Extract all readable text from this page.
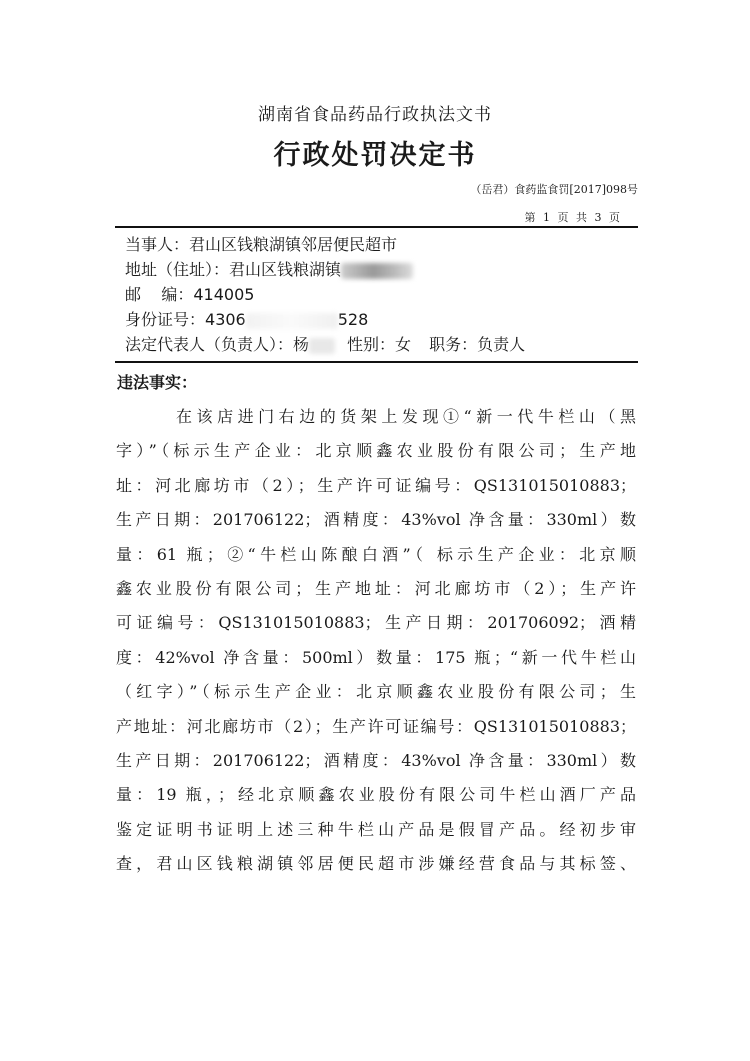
湖南省食品药品行政执法文书
行政处罚决定书
（岳君）食药监食罚[2017]098号
第 1 页 共 3 页
当事人：君山区钱粮湖镇邻居便民超市
地址（住址）：君山区钱粮湖镇
邮    编：414005
身份证号：4306	528
法定代表人（负责人）：杨 性别：女 职务：负责人
违法事实：
在该店进门右边的货架上发现①“新一代牛栏山（黑
字）”（标示生产企业：北京顺鑫农业股份有限公司；生产地
址：河北廊坊市（2）；生产许可证编号：QS131015010883；
生产日期：201706122；酒精度：43%vol 净含量：330ml）数
量：61 瓶；②“牛栏山陈酿白酒”（ 标示生产企业：北京顺
鑫农业股份有限公司；生产地址：河北廊坊市（2）；生产许
可证编号：QS131015010883；生产日期：201706092；酒精
度：42%vol 净含量：500ml）数量：175 瓶；“新一代牛栏山
（红字）”（标示生产企业：北京顺鑫农业股份有限公司；生
产地址：河北廊坊市（2）；生产许可证编号：QS131015010883；
生产日期：201706122；酒精度：43%vol 净含量：330ml）数
量：19 瓶，；经北京顺鑫农业股份有限公司牛栏山酒厂产品
鉴定证明书证明上述三种牛栏山产品是假冒产品。经初步审
查，君山区钱粮湖镇邻居便民超市涉嫌经营食品与其标签、
